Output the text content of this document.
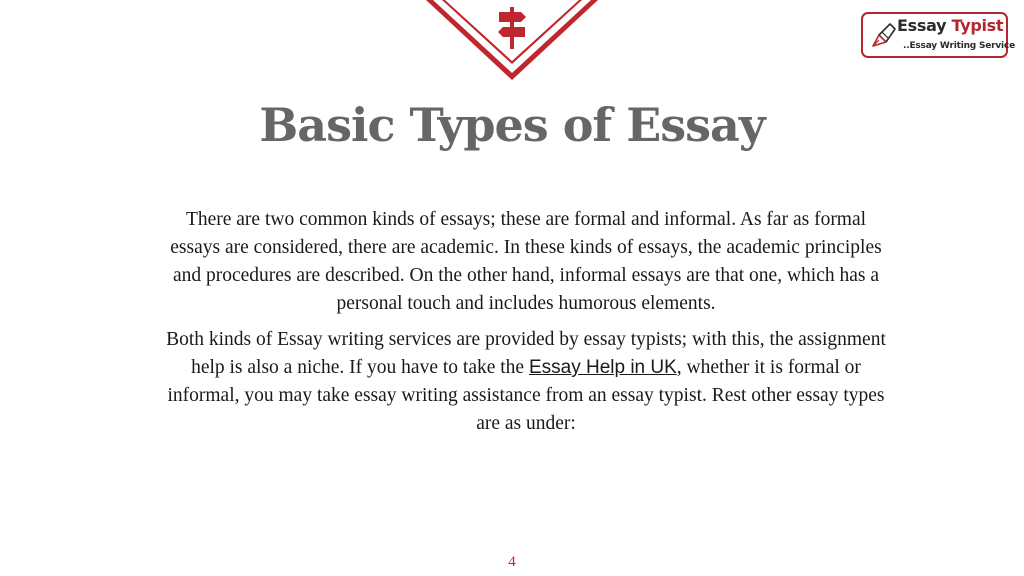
Essay Typist
..Essay Writing Service
Basic Types of Essay

There are two common kinds of essays; these are formal and informal. As far as formal essays are considered, there are academic. In these kinds of essays, the academic principles and procedures are described. On the other hand, informal essays are that one, which has a personal touch and includes humorous elements.

Both kinds of Essay writing services are provided by essay typists; with this, the assignment help is also a niche. If you have to take the Essay Help in UK, whether it is formal or informal, you may take essay writing assistance from an essay typist. Rest other essay types are as under:

4
